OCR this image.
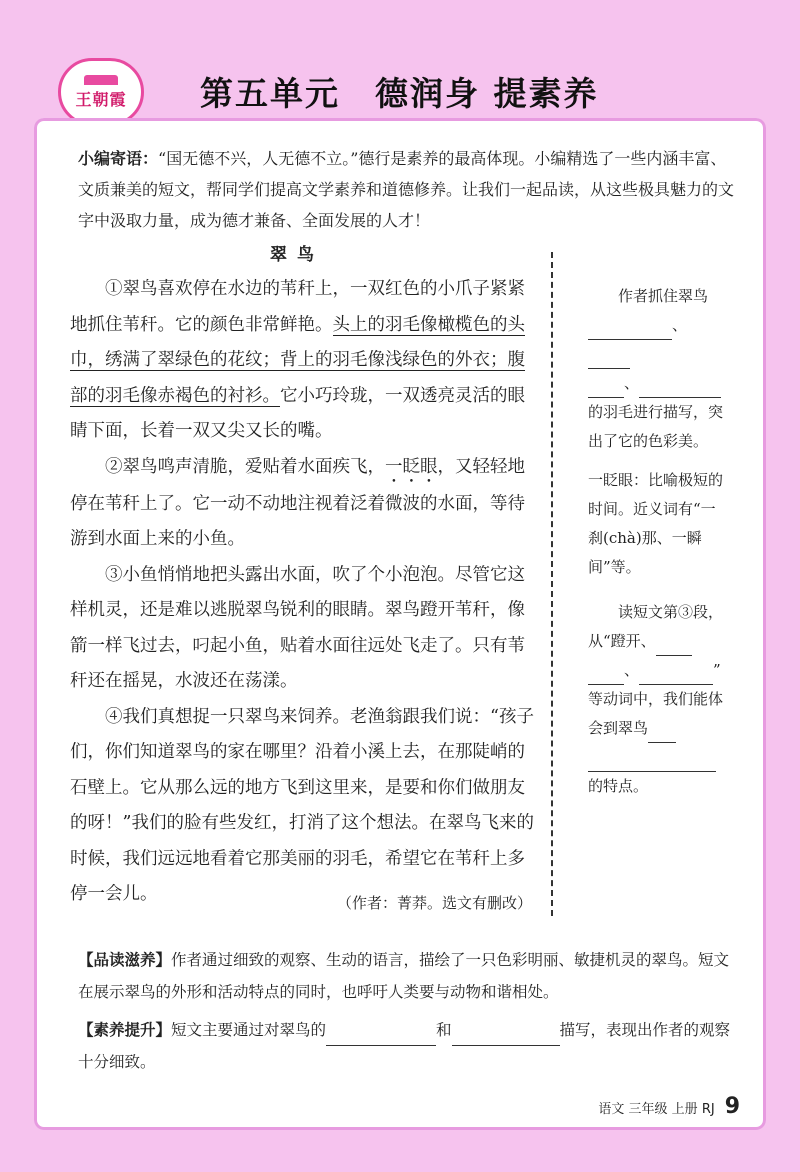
王朝霞 第五单元　德润身 提素养
小编寄语：“国无德不兴，人无德不立。”德行是素养的最高体现。小编精选了一些内涵丰富、文质兼美的短文，帮同学们提高文学素养和道德修养。让我们一起品读，从这些极具魅力的文字中汲取力量，成为德才兼备、全面发展的人才！
翠鸟

①翠鸟喜欢停在水边的苇秆上，一双红色的小爪子紧紧地抓住苇秆。它的颜色非常鲜艳。头上的羽毛像橄榄色的头巾，绣满了翠绿色的花纹；背上的羽毛像浅绿色的外衣；腹部的羽毛像赤褐色的衬衫。它小巧玲珑，一双透亮灵活的眼睛下面，长着一双又尖又长的嘴。

②翠鸟鸣声清脆，爱贴着水面疾飞，一眨眼，又轻轻地停在苇秆上了。它一动不动地注视着泛着微波的水面，等待游到水面上来的小鱼。

③小鱼悄悄地把头露出水面，吹了个小泡泡。尽管它这样机灵，还是难以逃脱翠鸟锐利的眼睛。翠鸟蹬开苇秆，像箭一样飞过去，叼起小鱼，贴着水面往远处飞走了。只有苇秆还在摇晃，水波还在荡漾。

④我们真想捉一只翠鸟来饲养。老渔翁跟我们说：“孩子们，你们知道翠鸟的家在哪里？沿着小溪上去，在那陡峭的石壁上。它从那么远的地方飞到这里来，是要和你们做朋友的呀！”我们的脸有些发红，打消了这个想法。在翠鸟飞来的时候，我们远远地看着它那美丽的羽毛，希望它在苇秆上多停一会儿。	（作者：菁莽。选文有删改）
作者抓住翠鸟
、
、
的羽毛进行描写，突出了它的色彩美。
一眨眼：比喻极短的时间。近义词有“一刹(chà)那、一瞬间”等。
读短文第③段，从“蹬开、
、	”
等动词中，我们能体会到翠鸟
的特点。
【品读滋养】作者通过细致的观察、生动的语言，描绘了一只色彩明丽、敏捷机灵的翠鸟。短文在展示翠鸟的外形和活动特点的同时，也呼吁人类要与动物和谐相处。
【素养提升】短文主要通过对翠鸟的	和	描写，表现出作者的观察十分细致。
语文 三年级 上册 RJ 9
